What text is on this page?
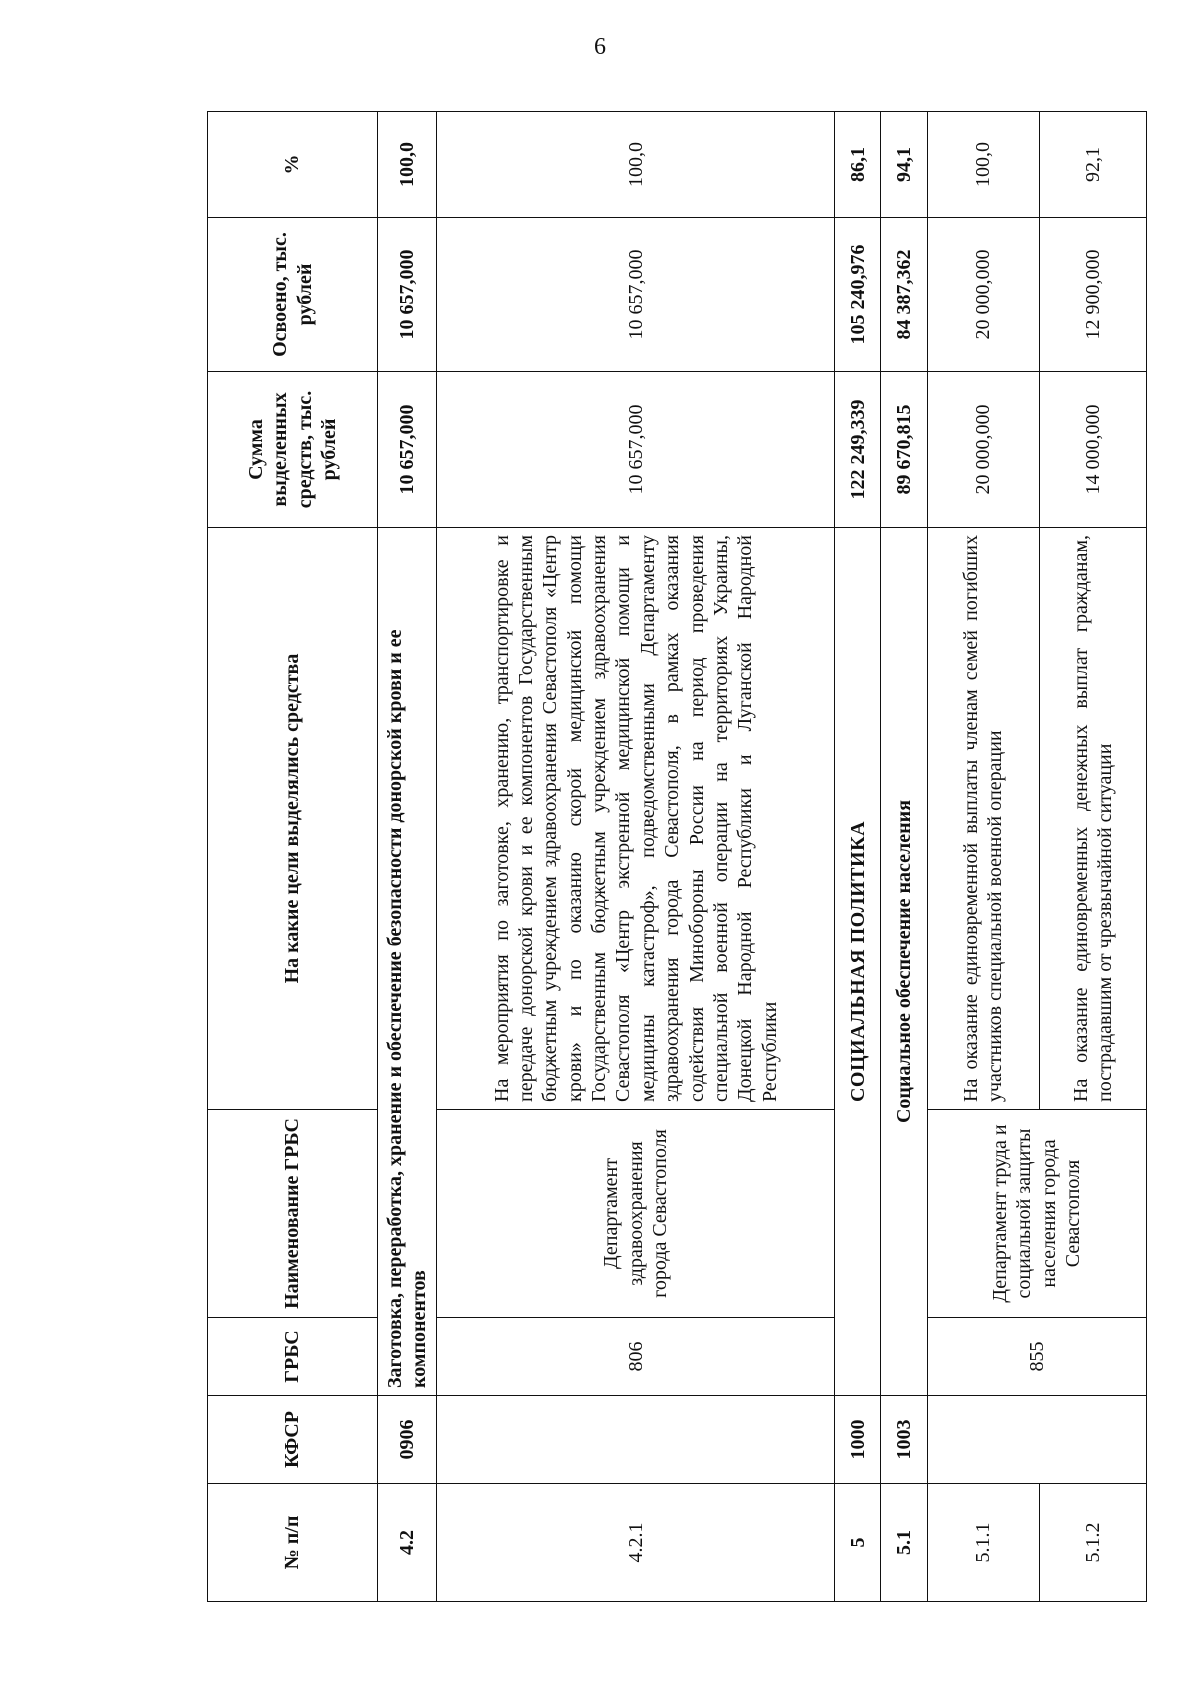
6
№ п/п	КФСР	ГРБС	Наименование ГРБС	На какие цели выделялись средства	Сумма выделенных средств, тыс. рублей	Освоено, тыс. рублей	%
4.2	0906	Заготовка, переработка, хранение и обеспечение безопасности донорской крови и ее компонентов			10 657,000	10 657,000	100,0
4.2.1		806	Департамент здравоохранения города Севастополя	На мероприятия по заготовке, хранению, транспортировке и передаче донорской крови и ее компонентов Государственным бюджетным учреждением здравоохранения Севастополя «Центр крови» и по оказанию скорой медицинской помощи Государственным бюджетным учреждением здравоохранения Севастополя «Центр экстренной медицинской помощи и медицины катастроф», подведомственными Департаменту здравоохранения города Севастополя, в рамках оказания содействия Минобороны России на период проведения специальной военной операции на территориях Украины, Донецкой Народной Республики и Луганской Народной Республики	10 657,000	10 657,000	100,0
5	1000	СОЦИАЛЬНАЯ ПОЛИТИКА			122 249,339	105 240,976	86,1
5.1	1003	Социальное обеспечение населения			89 670,815	84 387,362	94,1
5.1.1		855	Департамент труда и социальной защиты населения города Севастополя	На оказание единовременной выплаты членам семей погибших участников специальной военной операции	20 000,000	20 000,000	100,0
5.1.2				На оказание единовременных денежных выплат гражданам, пострадавшим от чрезвычайной ситуации	14 000,000	12 900,000	92,1
